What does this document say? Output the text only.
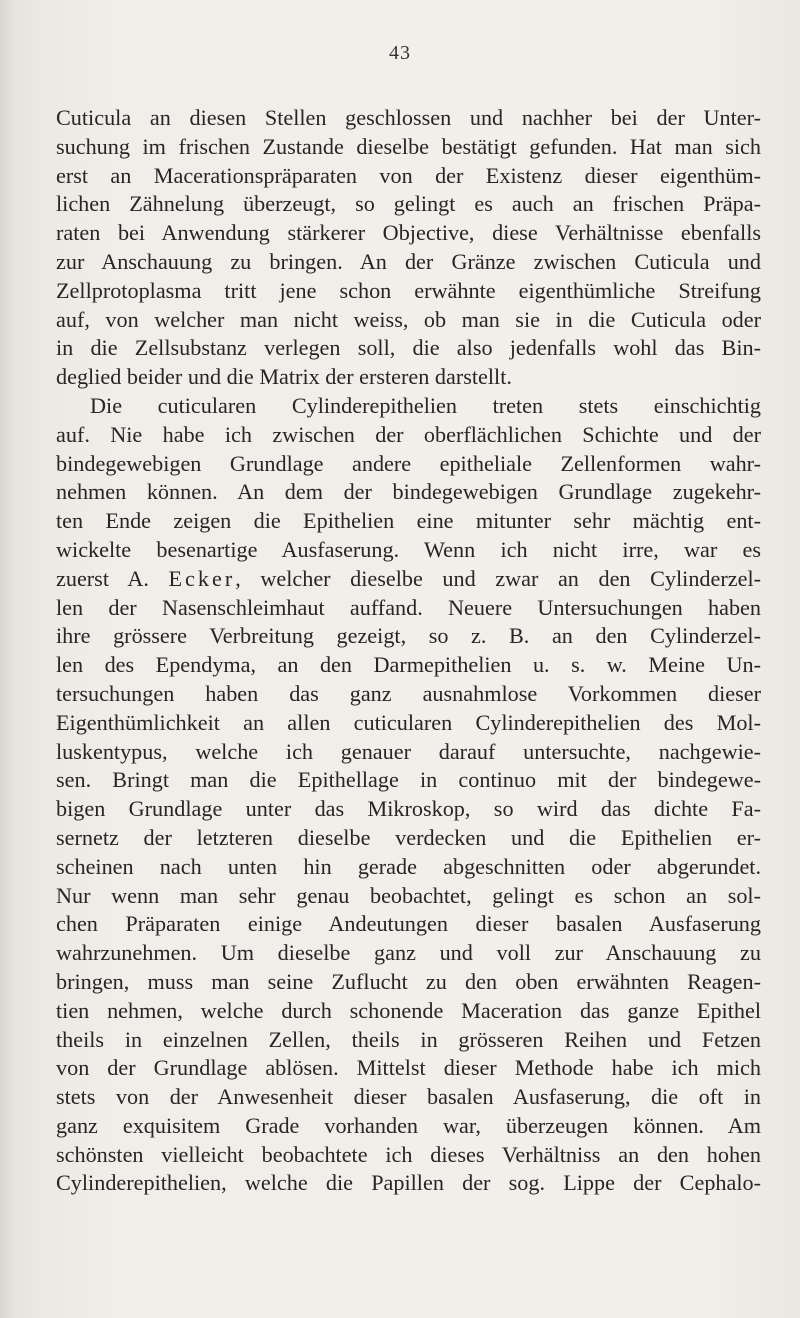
43
Cuticula an diesen Stellen geschlossen und nachher bei der Unter-
suchung im frischen Zustande dieselbe bestätigt gefunden. Hat man sich
erst an Macerationspräparaten von der Existenz dieser eigenthüm-
lichen Zähnelung überzeugt, so gelingt es auch an frischen Präpa-
raten bei Anwendung stärkerer Objective, diese Verhältnisse ebenfalls
zur Anschauung zu bringen. An der Gränze zwischen Cuticula und
Zellprotoplasma tritt jene schon erwähnte eigenthümliche Streifung
auf, von welcher man nicht weiss, ob man sie in die Cuticula oder
in die Zellsubstanz verlegen soll, die also jedenfalls wohl das Bin-
deglied beider und die Matrix der ersteren darstellt.
Die cuticularen Cylinderepithelien treten stets einschichtig
auf. Nie habe ich zwischen der oberflächlichen Schichte und der
bindegewebigen Grundlage andere epitheliale Zellenformen wahr-
nehmen können. An dem der bindegewebigen Grundlage zugekehr-
ten Ende zeigen die Epithelien eine mitunter sehr mächtig ent-
wickelte besenartige Ausfaserung. Wenn ich nicht irre, war es
zuerst A. Ecker, welcher dieselbe und zwar an den Cylinderzel-
len der Nasenschleimhaut auffand. Neuere Untersuchungen haben
ihre grössere Verbreitung gezeigt, so z. B. an den Cylinderzel-
len des Ependyma, an den Darmepithelien u. s. w. Meine Un-
tersuchungen haben das ganz ausnahmlose Vorkommen dieser
Eigenthümlichkeit an allen cuticularen Cylinderepithelien des Mol-
luskentypus, welche ich genauer darauf untersuchte, nachgewie-
sen. Bringt man die Epithellage in continuo mit der bindegewe-
bigen Grundlage unter das Mikroskop, so wird das dichte Fa-
sernetz der letzteren dieselbe verdecken und die Epithelien er-
scheinen nach unten hin gerade abgeschnitten oder abgerundet.
Nur wenn man sehr genau beobachtet, gelingt es schon an sol-
chen Präparaten einige Andeutungen dieser basalen Ausfaserung
wahrzunehmen. Um dieselbe ganz und voll zur Anschauung zu
bringen, muss man seine Zuflucht zu den oben erwähnten Reagen-
tien nehmen, welche durch schonende Maceration das ganze Epithel
theils in einzelnen Zellen, theils in grösseren Reihen und Fetzen
von der Grundlage ablösen. Mittelst dieser Methode habe ich mich
stets von der Anwesenheit dieser basalen Ausfaserung, die oft in
ganz exquisitem Grade vorhanden war, überzeugen können. Am
schönsten vielleicht beobachtete ich dieses Verhältniss an den hohen
Cylinderepithelien, welche die Papillen der sog. Lippe der Cephalo-
